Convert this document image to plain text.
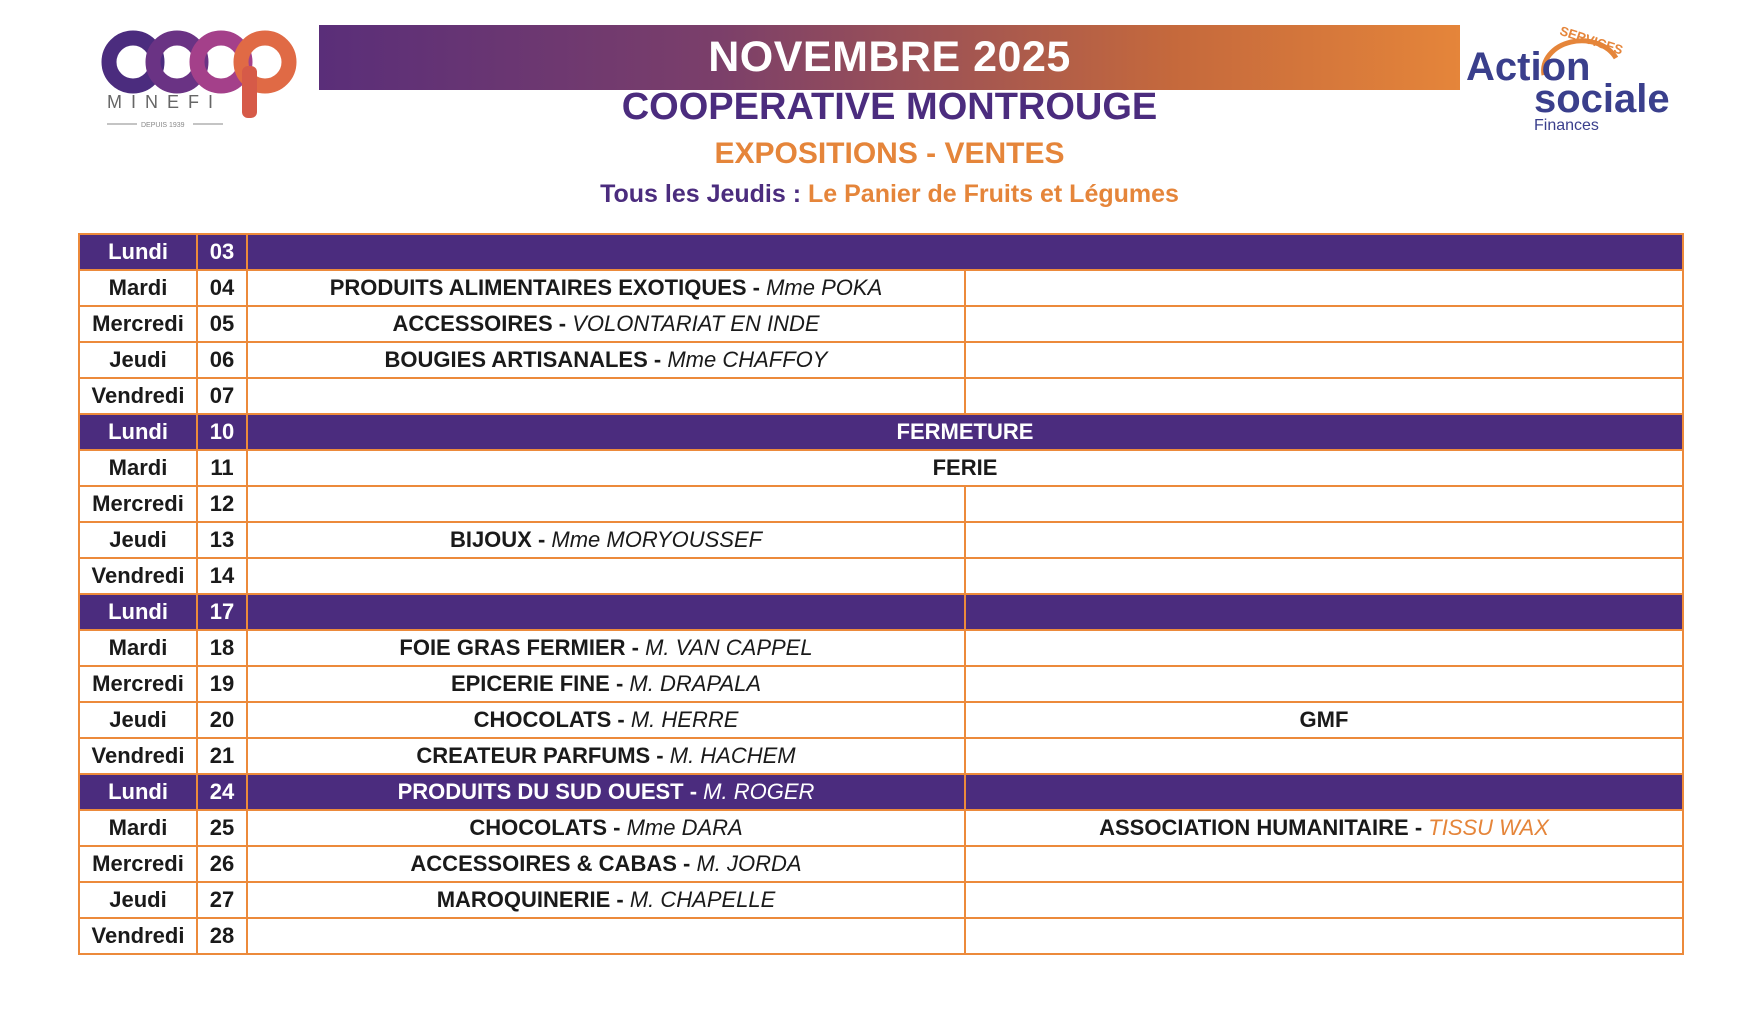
MINEFI
DEPUIS 1939
SERVICES
Action
sociale
Finances
NOVEMBRE 2025
COOPERATIVE MONTROUGE
EXPOSITIONS - VENTES
Tous les Jeudis : Le Panier de Fruits et Légumes
Lundi	03		
Mardi	04	PRODUITS ALIMENTAIRES EXOTIQUES - Mme POKA	
Mercredi	05	ACCESSOIRES - VOLONTARIAT EN INDE	
Jeudi	06	BOUGIES ARTISANALES - Mme CHAFFOY	
Vendredi	07		
Lundi	10	FERMETURE	
Mardi	11	FERIE	
Mercredi	12		
Jeudi	13	BIJOUX - Mme MORYOUSSEF	
Vendredi	14		
Lundi	17		
Mardi	18	FOIE GRAS FERMIER - M. VAN CAPPEL	
Mercredi	19	EPICERIE FINE - M. DRAPALA	
Jeudi	20	CHOCOLATS - M. HERRE	GMF
Vendredi	21	CREATEUR PARFUMS - M. HACHEM	
Lundi	24	PRODUITS DU SUD OUEST - M. ROGER	
Mardi	25	CHOCOLATS - Mme DARA	ASSOCIATION HUMANITAIRE - TISSU WAX
Mercredi	26	ACCESSOIRES & CABAS - M. JORDA	
Jeudi	27	MAROQUINERIE - M. CHAPELLE	
Vendredi	28		
